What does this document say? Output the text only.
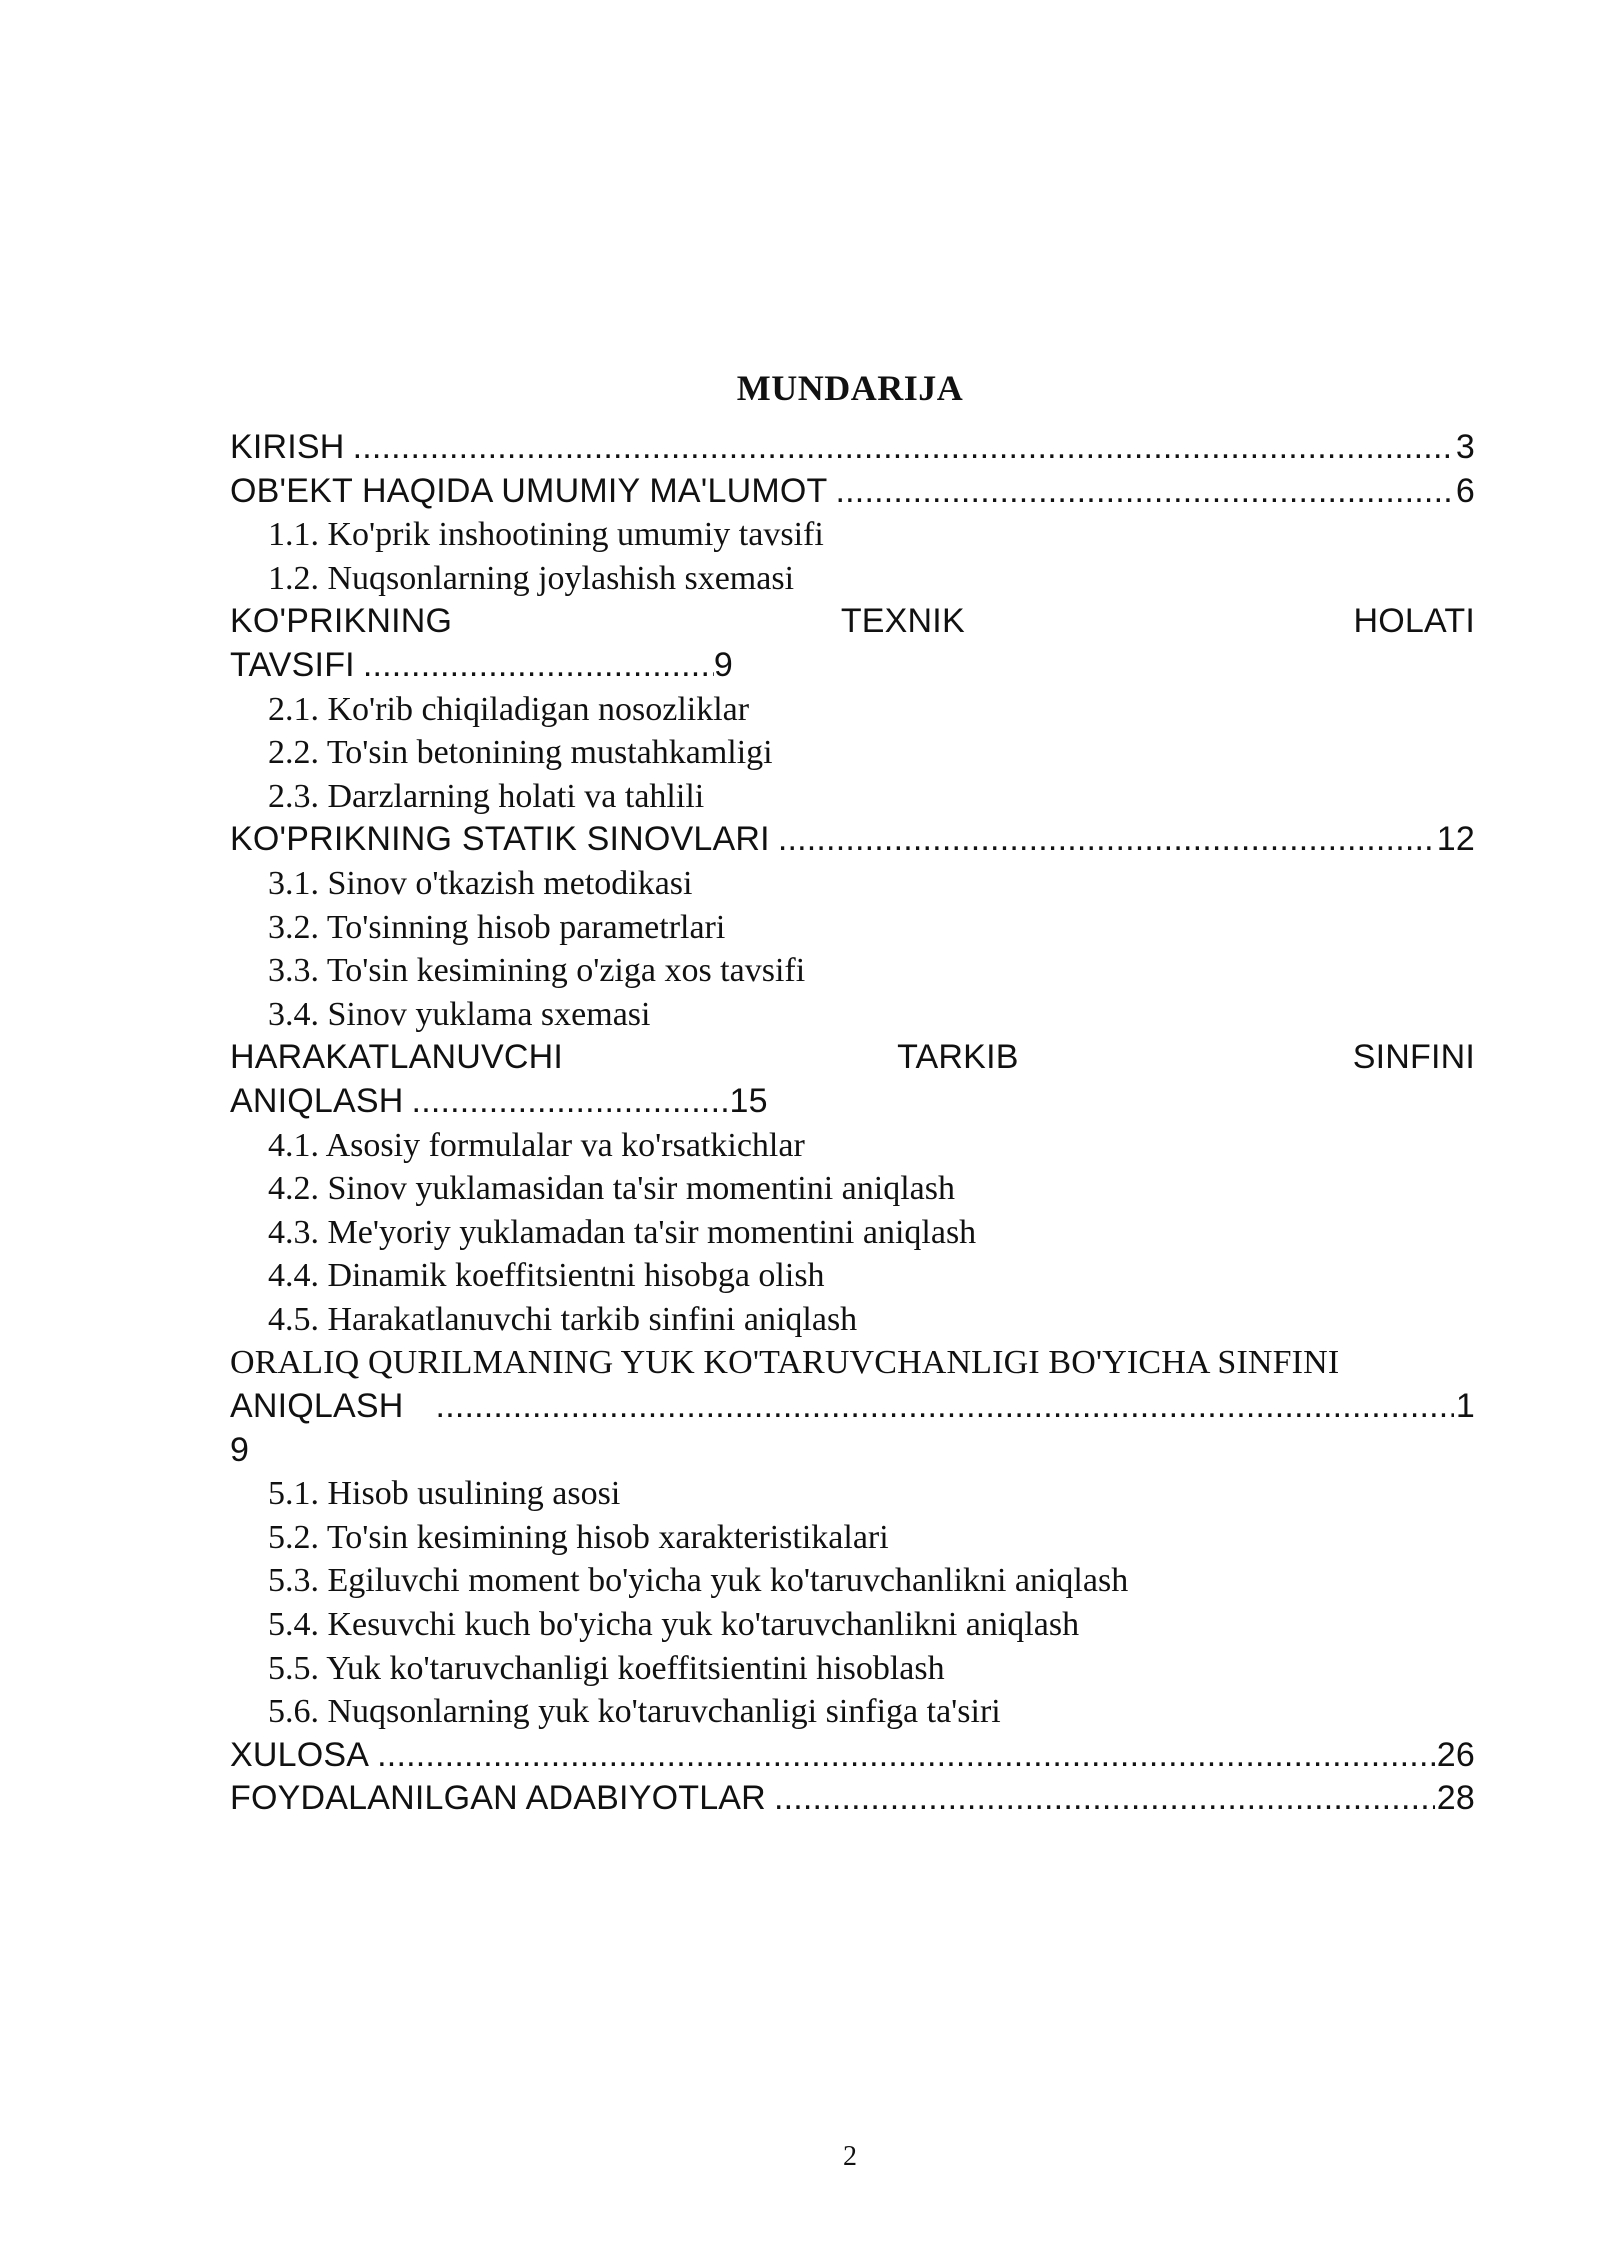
MUNDARIJA
KIRISH .....	3
OB'EKT HAQIDA UMUMIY MA'LUMOT .....	6
1.1. Ko'prik inshootining umumiy tavsifi
1.2. Nuqsonlarning joylashish sxemasi
KO'PRIKNING	TEXNIK	HOLATI
TAVSIFI .....	9
2.1. Ko'rib chiqiladigan nosozliklar
2.2. To'sin betonining mustahkamligi
2.3. Darzlarning holati va tahlili
KO'PRIKNING STATIK SINOVLARI .....	12
3.1. Sinov o'tkazish metodikasi
3.2. To'sinning hisob parametrlari
3.3. To'sin kesimining o'ziga xos tavsifi
3.4. Sinov yuklama sxemasi
HARAKATLANUVCHI	TARKIB	SINFINI
ANIQLASH .....	15
4.1. Asosiy formulalar va ko'rsatkichlar
4.2. Sinov yuklamasidan ta'sir momentini aniqlash
4.3. Me'yoriy yuklamadan ta'sir momentini aniqlash
4.4. Dinamik koeffitsientni hisobga olish
4.5. Harakatlanuvchi tarkib sinfini aniqlash
ORALIQ QURILMANING YUK KO'TARUVCHANLIGI BO'YICHA SINFINI
ANIQLASH .....	1
9
5.1. Hisob usulining asosi
5.2. To'sin kesimining hisob xarakteristikalari
5.3. Egiluvchi moment bo'yicha yuk ko'taruvchanlikni aniqlash
5.4. Kesuvchi kuch bo'yicha yuk ko'taruvchanlikni aniqlash
5.5. Yuk ko'taruvchanligi koeffitsientini hisoblash
5.6. Nuqsonlarning yuk ko'taruvchanligi sinfiga ta'siri
XULOSA .....	26
FOYDALANILGAN ADABIYOTLAR .....	28
2
